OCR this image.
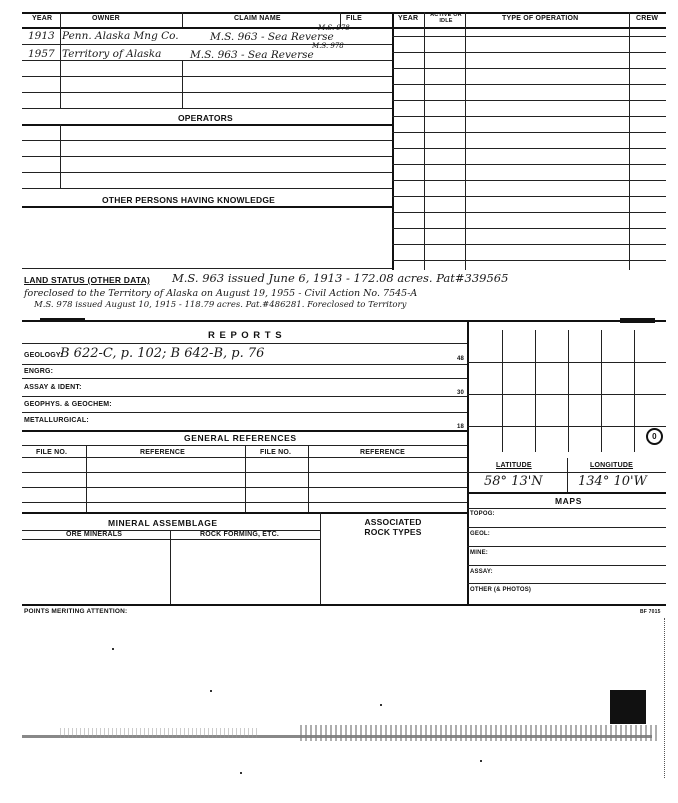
YEAR	OWNER	CLAIM NAME	FILE	YEAR	ACTIVE OR IDLE	TYPE OF OPERATION	CREW
1913 Penn. Alaska Mng Co.	M.S. 963 - Sea Reverse
M.S. 978
1957 Territory of Alaska	M.S. 963 - Sea Reverse
M.S. 978
OPERATORS
OTHER PERSONS HAVING KNOWLEDGE
LAND STATUS (OTHER DATA) M.S. 963 issued June 6, 1913 - 172.08 acres. Pat#339565
foreclosed to the Territory of Alaska on August 19, 1955 - Civil Action No. 7545-A
M.S. 978 issued August 10, 1915 - 118.79 acres. Pat.#486281. Foreclosed to Territory
R E P O R T S
GEOLOGY:
B 622-C, p. 102; B 642-B, p. 76	48
ENGRG:
ASSAY & IDENT:
30
GEOPHYS. & GEOCHEM:
METALLURGICAL:
18
GENERAL REFERENCES
FILE NO.	REFERENCE	FILE NO.	REFERENCE
MINERAL ASSEMBLAGE	ASSOCIATED ROCK TYPES
ORE MINERALS	ROCK FORMING, ETC.
0
LATITUDE	LONGITUDE
58° 13'N	134° 10'W
MAPS
TOPOG:
GEOL:
MINE:
ASSAY:
OTHER (& PHOTOS)
POINTS MERITING ATTENTION:	BF 7015
